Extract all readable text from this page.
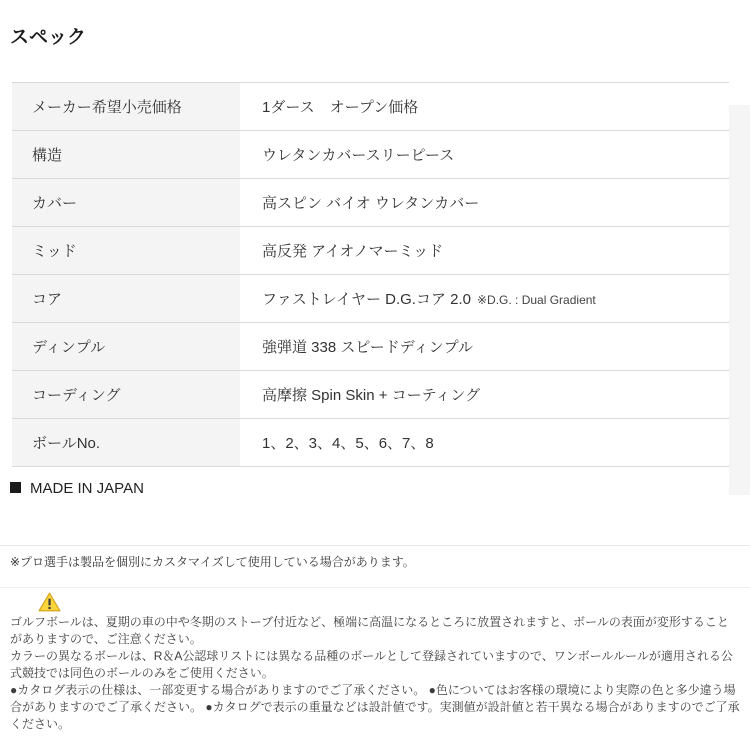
スペック
メーカー希望小売価格	1ダース　オープン価格
構造	ウレタンカバースリーピース
カバー	高スピン バイオ ウレタンカバー
ミッド	高反発 アイオノマーミッド
コア	ファストレイヤー D.G.コア 2.0 ※D.G. : Dual Gradient
ディンプル	強弾道 338 スピードディンプル
コーディング	高摩擦 Spin Skin + コーティング
ボールNo.	1、2、3、4、5、6、7、8
MADE IN JAPAN
※プロ選手は製品を個別にカスタマイズして使用している場合があります。
ゴルフボールは、夏期の車の中や冬期のストーブ付近など、極端に高温になるところに放置されますと、ボールの表面が変形することがありますので、ご注意ください。
カラーの異なるボールは、R＆A公認球リストには異なる品種のボールとして登録されていますので、ワンボールルールが適用される公式競技では同色のボールのみをご使用ください。
●カタログ表示の仕様は、一部変更する場合がありますのでご了承ください。 ●色についてはお客様の環境により実際の色と多少違う場合がありますのでご了承ください。 ●カタログで表示の重量などは設計値です。実測値が設計値と若干異なる場合がありますのでご了承ください。
